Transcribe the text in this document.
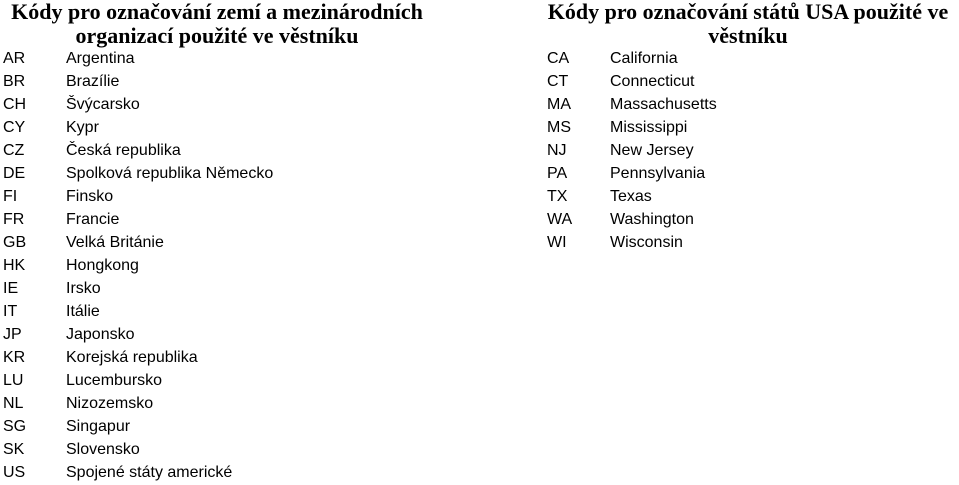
Kódy pro označování zemí a mezinárodních
organizací použité ve věstníku
AR	Argentina
BR	Brazílie
CH Švýcarsko
CY	Kypr
CZ	Česká republika
DE	Spolková republika Německo
FI	Finsko
FR	Francie
GB Velká Británie
HK	Hongkong
IE	Irsko
IT	Itálie
JP	Japonsko
KR	Korejská republika
LU	Lucembursko
NL	Nizozemsko
SG Singapur
SK	Slovensko
US	Spojené státy americké
Kódy pro označování států USA použité ve
věstníku
CA	California
CT	Connecticut
MA Massachusetts
MS Mississippi
NJ	New Jersey
PA	Pennsylvania
TX	Texas
WA Washington
WI	Wisconsin
